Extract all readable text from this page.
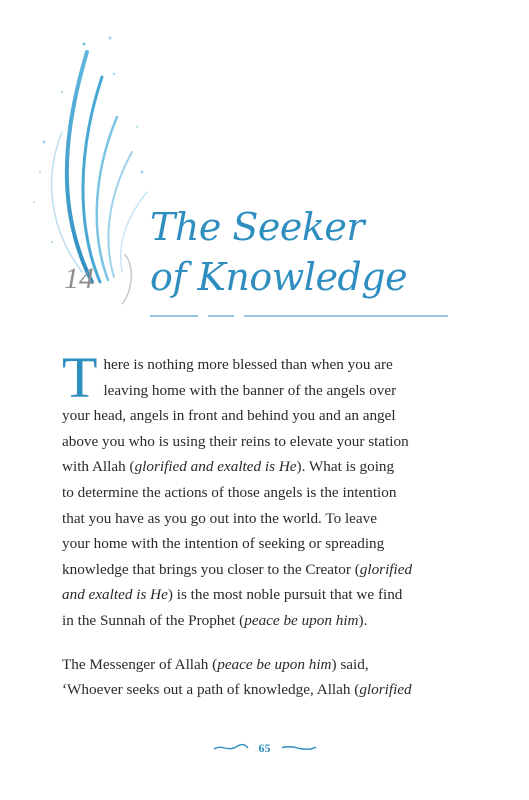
14
The Seeker
of Knowledge

T here is nothing more blessed than when you are
leaving home with the banner of the angels over
your head, angels in front and behind you and an angel
above you who is using their reins to elevate your station
with Allah (glorified and exalted is He). What is going
to determine the actions of those angels is the intention
that you have as you go out into the world. To leave
your home with the intention of seeking or spreading
knowledge that brings you closer to the Creator (glorified
and exalted is He) is the most noble pursuit that we find
in the Sunnah of the Prophet (peace be upon him).

The Messenger of Allah (peace be upon him) said,
‘Whoever seeks out a path of knowledge, Allah (glorified

65
